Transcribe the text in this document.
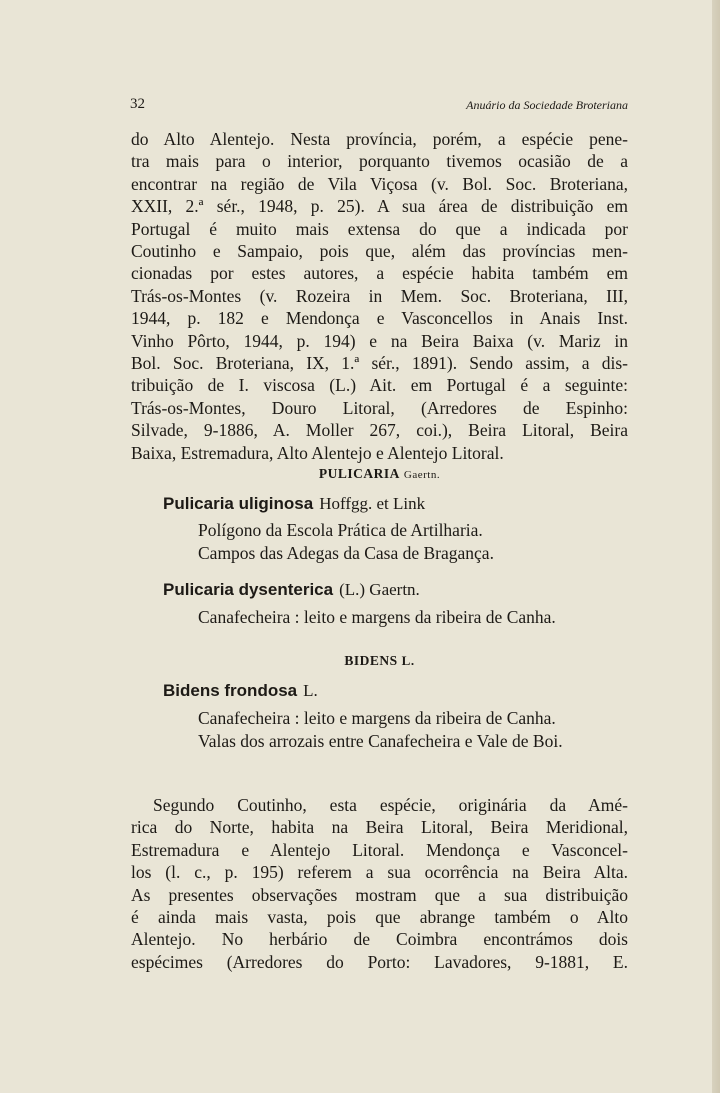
32	Anuário da Sociedade Broteriana
do Alto Alentejo. Nesta província, porém, a espécie pene-
tra mais para o interior, porquanto tivemos ocasião de a
encontrar na região de Vila Viçosa (v. Bol. Soc. Broteriana,
XXII, 2.ª sér., 1948, p. 25). A sua área de distribuição em
Portugal é muito mais extensa do que a indicada por
Coutinho e Sampaio, pois que, além das províncias men-
cionadas por estes autores, a espécie habita também em
Trás-os-Montes (v. Rozeira in Mem. Soc. Broteriana, III,
1944, p. 182 e Mendonça e Vasconcellos in Anais Inst.
Vinho Pôrto, 1944, p. 194) e na Beira Baixa (v. Mariz in
Bol. Soc. Broteriana, IX, 1.ª sér., 1891). Sendo assim, a dis-
tribuição de I. viscosa (L.) Ait. em Portugal é a seguinte:
Trás-os-Montes, Douro Litoral, (Arredores de Espinho:
Silvade, 9-1886, A. Moller 267, coi.), Beira Litoral, Beira
Baixa, Estremadura, Alto Alentejo e Alentejo Litoral.
PULICARIA Gaertn.
Pulicaria uliginosa Hoffgg. et Link
Polígono da Escola Prática de Artilharia.
Campos das Adegas da Casa de Bragança.
Pulicaria dysenterica (L.) Gaertn.
Canafecheira : leito e margens da ribeira de Canha.
BIDENS L.
Bidens frondosa L.
Canafecheira : leito e margens da ribeira de Canha.
Valas dos arrozais entre Canafecheira e Vale de Boi.
Segundo Coutinho, esta espécie, originária da Amé-
rica do Norte, habita na Beira Litoral, Beira Meridional,
Estremadura e Alentejo Litoral. Mendonça e Vasconcel-
los (l. c., p. 195) referem a sua ocorrência na Beira Alta.
As presentes observações mostram que a sua distribuição
é ainda mais vasta, pois que abrange também o Alto
Alentejo. No herbário de Coimbra encontrámos dois
espécimes (Arredores do Porto: Lavadores, 9-1881, E.
